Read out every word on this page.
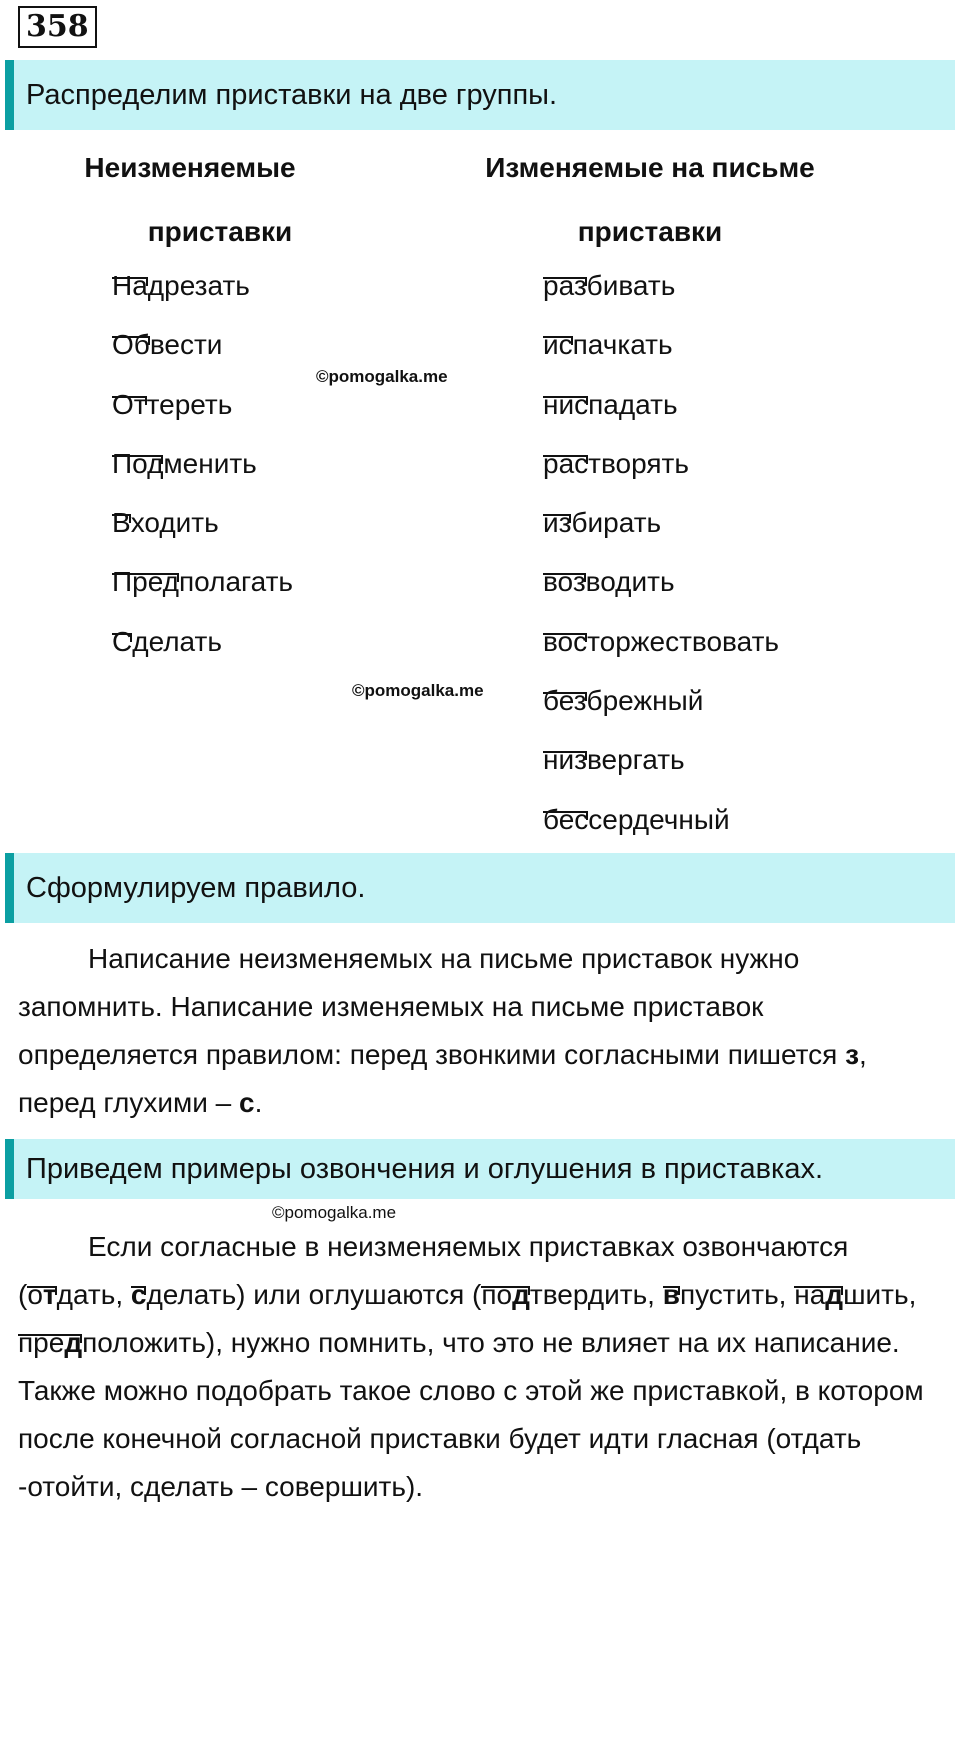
358
Распределим приставки на две группы.
Неизменяемые
приставки
Изменяемые на письме
приставки
Надрезать
Обвести
Оттереть
Подменить
Входить
Предполагать
Сделать
разбивать
испачкать
ниспадать
растворять
избирать
возводить
восторжествовать
безбрежный
низвергать
бессердечный
©pomogalka.me
©pomogalka.me
Сформулируем правило.
Написание неизменяемых на письме приставок нужно запомнить. Написание изменяемых на письме приставок определяется правилом: перед звонкими согласными пишется з, перед глухими – с.
Приведем примеры озвончения и оглушения в приставках.
©pomogalka.me
Если согласные в неизменяемых приставках озвончаются (отдать, сделать) или оглушаются (подтвердить, впустить, надшить, предположить), нужно помнить, что это не влияет на их написание. Также можно подобрать такое слово с этой же приставкой, в котором после конечной согласной приставки будет идти гласная (отдать -отойти, сделать – совершить).
